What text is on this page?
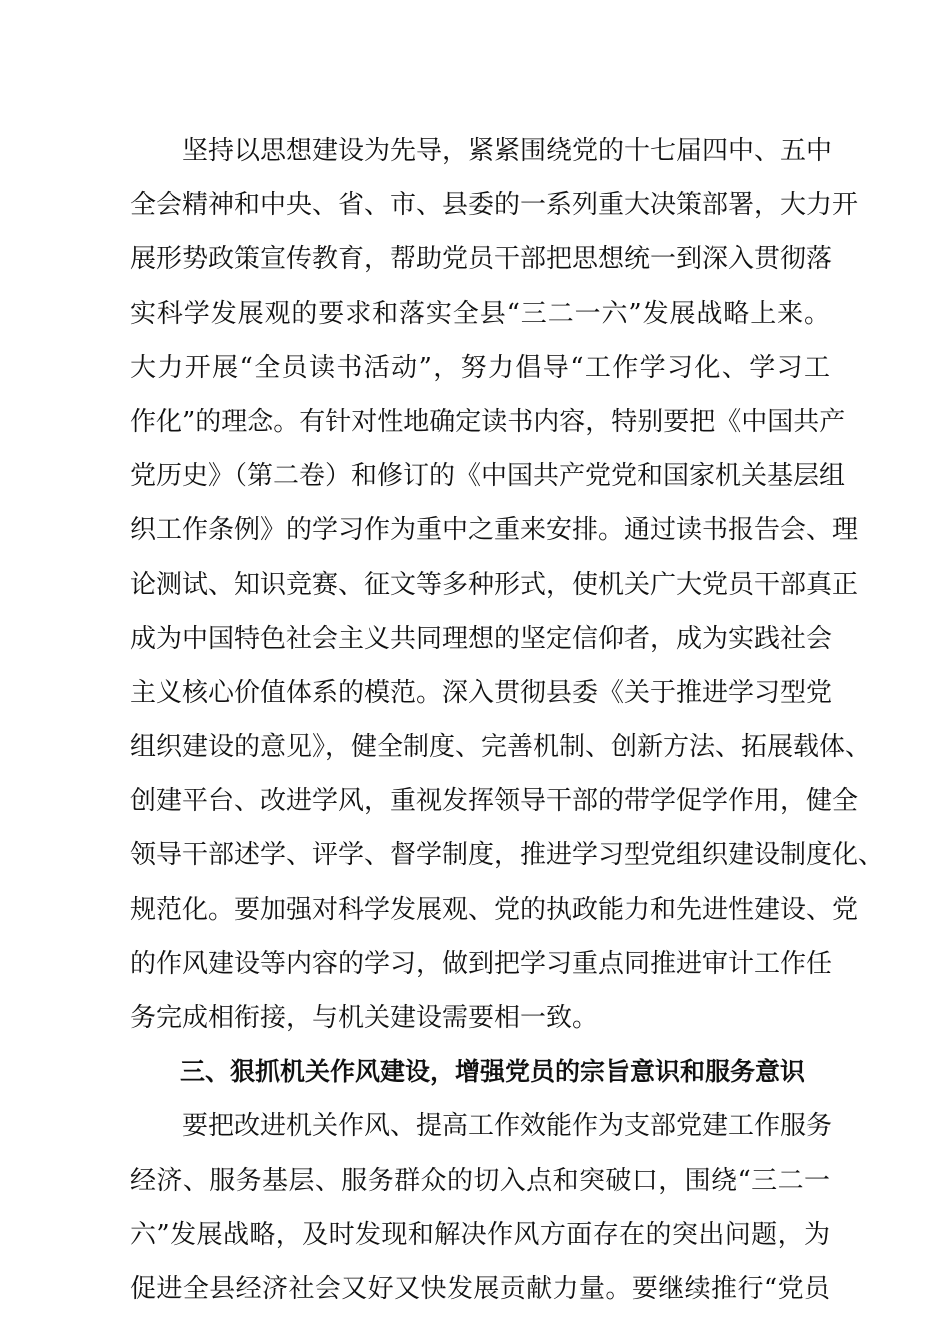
坚持以思想建设为先导，紧紧围绕党的十七届四中、五中
全会精神和中央、省、市、县委的一系列重大决策部署，大力开
展形势政策宣传教育，帮助党员干部把思想统一到深入贯彻落
实科学发展观的要求和落实全县“三二一六”发展战略上来。
大力开展“全员读书活动”，努力倡导“工作学习化、学习工
作化”的理念。有针对性地确定读书内容，特别要把《中国共产
党历史》（第二卷）和修订的《中国共产党党和国家机关基层组
织工作条例》的学习作为重中之重来安排。通过读书报告会、理
论测试、知识竞赛、征文等多种形式，使机关广大党员干部真正
成为中国特色社会主义共同理想的坚定信仰者，成为实践社会
主义核心价值体系的模范。深入贯彻县委《关于推进学习型党
组织建设的意见》，健全制度、完善机制、创新方法、拓展载体、
创建平台、改进学风，重视发挥领导干部的带学促学作用，健全
领导干部述学、评学、督学制度，推进学习型党组织建设制度化、
规范化。要加强对科学发展观、党的执政能力和先进性建设、党
的作风建设等内容的学习，做到把学习重点同推进审计工作任
务完成相衔接，与机关建设需要相一致。
三、狠抓机关作风建设，增强党员的宗旨意识和服务意识
要把改进机关作风、提高工作效能作为支部党建工作服务
经济、服务基层、服务群众的切入点和突破口，围绕“三二一
六”发展战略，及时发现和解决作风方面存在的突出问题，为
促进全县经济社会又好又快发展贡献力量。要继续推行“党员
